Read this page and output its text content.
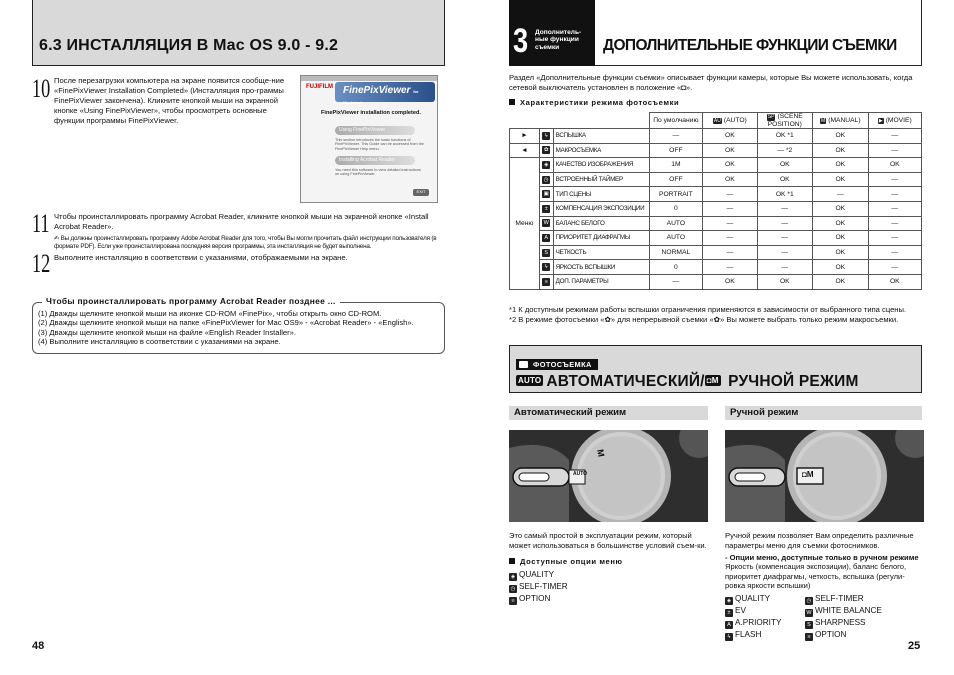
6.3 ИНСТАЛЛЯЦИЯ В Mac OS 9.0 - 9.2
10 После перезагрузки компьютера на экране появится сообще-ние «FinePixViewer Installation Completed» (Инсталляция про-граммы FinePixViewer закончена). Кликните кнопкой мыши на экранной кнопке «Using FinePixViewer», чтобы просмотреть основные функции программы FinePixViewer.
FUJIFILM	FinePixViewer for Macintosh
FinePixViewer installation completed.
Using FinePixViewer
This section introduces the basic functions of FinePixViewer. This Guide can be accessed from the FinePixViewer Help menu.
Installing Acrobat Reader
You need this software to view detailed instructions on using FinePixViewer.
EXIT
11 Чтобы проинсталлировать программу Acrobat Reader, кликните кнопкой мыши на экранной кнопке «Install Acrobat Reader».
✍ Вы должны проинсталлировать программу Adobe Acrobat Reader для того, чтобы Вы могли прочитать файл инструкции пользователя (в формате PDF). Если уже проинсталлирована последняя версия программы, эта инсталляция не будет выполнена.
12 Выполните инсталляцию в соответствии с указаниями, отображаемыми на экране.
Чтобы проинсталлировать программу Acrobat Reader позднее ...
(1) Дважды щелкните кнопкой мыши на иконке CD-ROM «FinePix», чтобы открыть окно CD-ROM.
(2) Дважды щелкните кнопкой мыши на папке «FinePixViewer for Mac OS9» - «Acrobat Reader» - «English».
(3) Дважды щелкните кнопкой мыши на файле «English Reader Installer».
(4) Выполните инсталляцию в соответствии с указаниями на экране.
48
3 Дополнитель-
ные функции
съемки	ДОПОЛНИТЕЛЬНЫЕ ФУНКЦИИ СЪЕМКИ
Раздел «Дополнительные функции съемки» описывает функции камеры, которые Вы можете использовать, когда сетевой выключатель установлен в положение «◘».
Характеристики режима фотосъемки
			По умолчанию	AU (AUTO)	SP (SCENE POSITION)	M (MANUAL)	▶ (MOVIE)
►	ϟ	ВСПЫШКА	—	OK	OK *1	OK	—
◄	✿	МАКРОСЪЕМКА	OFF	OK	— *2	OK	—
Меню	◈	КАЧЕСТВО ИЗОБРАЖЕНИЯ	1M	OK	OK	OK	OK
	◷	ВСТРОЕННЫЙ ТАЙМЕР	OFF	OK	OK	OK	—
	▣	ТИП СЦЕНЫ	PORTRAIT	—	OK *1	—	—
	±	КОМПЕНСАЦИЯ ЭКСПОЗИЦИИ	0	—	—	OK	—
	W	БАЛАНС БЕЛОГО	AUTO	—	—	OK	—
	A	ПРИОРИТЕТ ДИАФРАГМЫ	AUTO	—	—	OK	—
	S	ЧЕТКОСТЬ	NORMAL	—	—	OK	—
	ϟ	ЯРКОСТЬ ВСПЫШКИ	0	—	—	OK	—
	≡	ДОП. ПАРАМЕТРЫ	—	OK	OK	OK	OK
*1 К доступным режимам работы вспышки ограничения применяются в зависимости от выбранного типа сцены.
*2 В режиме фотосъемки «✿» для непрерывной съемки «✿» Вы можете выбрать только режим макросъемки.
ФОТОСЪЕМКА
AUTO АВТОМАТИЧЕСКИЙ/ ◘M РУЧНОЙ РЕЖИМ
Автоматический режим	Ручной режим
AUTO
M
◘M
Это самый простой в эксплуатации режим, который может использоваться в большинстве условий съем-ки.
Доступные опции меню
◈ QUALITY
◷ SELF-TIMER
≡ OPTION
Ручной режим позволяет Вам определить различные параметры меню для съемки фотоснимков.
- Опции меню, доступные только в ручном режиме
Яркость (компенсация экспозиции), баланс белого, приоритет диафрагмы, четкость, вспышка (регули-ровка яркости вспышки)
◈ QUALITY	◷ SELF-TIMER
± EV	W WHITE BALANCE
A A.PRIORITY	S SHARPNESS
ϟ FLASH	≡ OPTION
25
